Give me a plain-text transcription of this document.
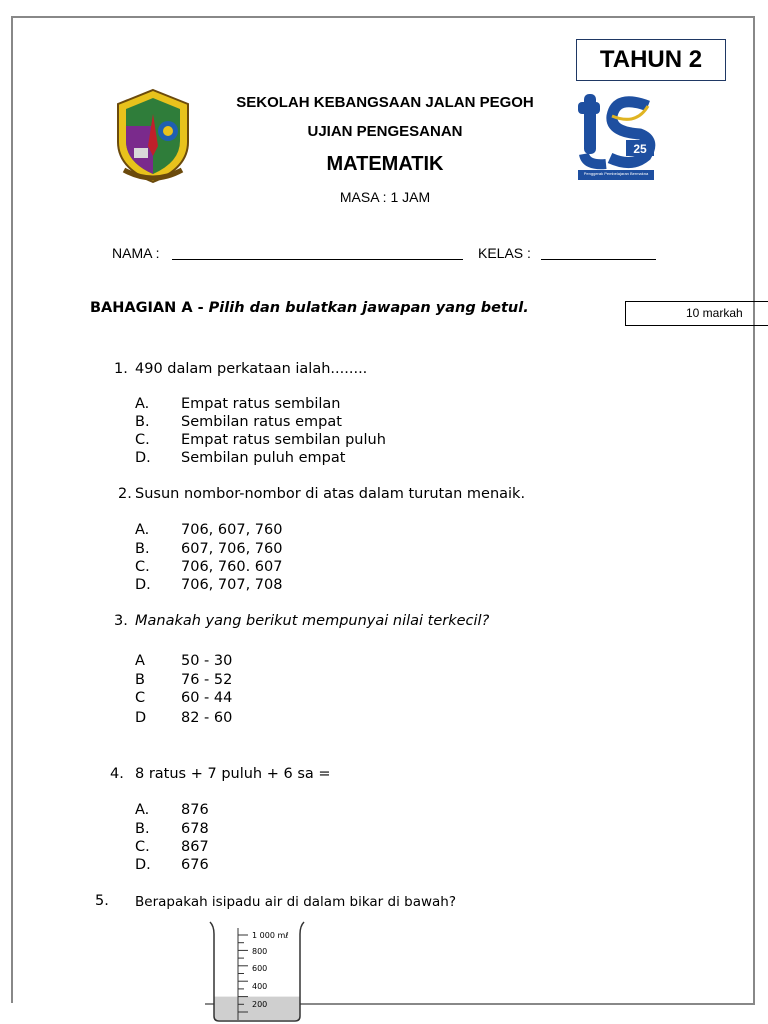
TAHUN 2
25
Penggerak Pembelajaran Bermakna
SEKOLAH KEBANGSAAN JALAN PEGOH
UJIAN PENGESANAN
MATEMATIK
MASA : 1 JAM
NAMA :	KELAS :
BAHAGIAN A - Pilih dan bulatkan jawapan yang betul.	10 markah
1. 490 dalam perkataan ialah........
A. Empat ratus sembilan
B. Sembilan ratus empat
C. Empat ratus sembilan puluh
D. Sembilan puluh empat
2. Susun nombor-nombor di atas dalam turutan menaik.
A. 706, 607, 760
B. 607, 706, 760
C. 706, 760. 607
D. 706, 707, 708
3. Manakah yang berikut mempunyai nilai terkecil?
A 50 - 30
B 76 - 52
C 60 - 44
D 82 - 60
4. 8 ratus + 7 puluh + 6 sa =
A. 876
B. 678
C. 867
D. 676
5. Berapakah isipadu air di dalam bikar di bawah?
1 000 mℓ
800
600
400
200
